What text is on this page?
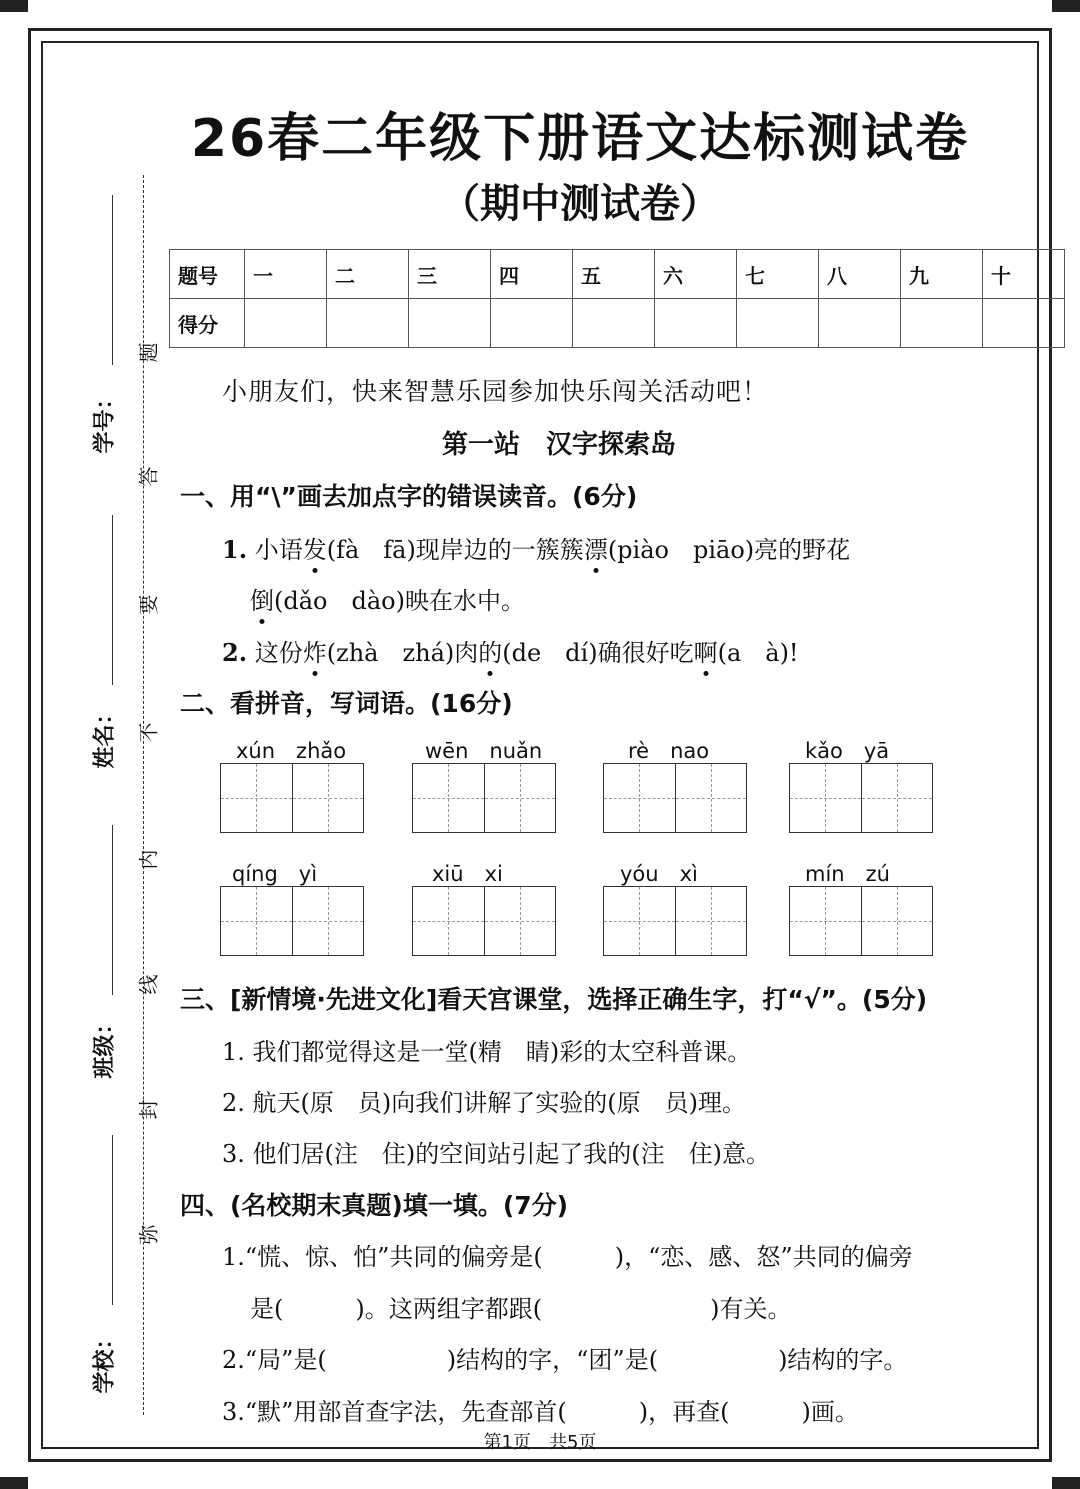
学号：
姓名：
班级：
学校：
题
答
要
不
内
线
封
弥
26春二年级下册语文达标测试卷
（期中测试卷）
题号	一	二	三	四	五	六	七	八	九	十
得分										
小朋友们，快来智慧乐园参加快乐闯关活动吧！
第一站　汉字探索岛
一、用“\”画去加点字的错误读音。(6分)
1. 小语发(fà　fā)现岸边的一簇簇漂(piào　piāo)亮的野花
倒(dǎo　dào)映在水中。
2. 这份炸(zhà　zhá)肉的(de　dí)确很好吃啊(a　à)!
二、看拼音，写词语。(16分)
xún　zhǎo	wēn　nuǎn	rè　nao	kǎo　yā
qíng　yì	xiū　xi	yóu　xì	mín　zú
三、[新情境·先进文化]看天宫课堂，选择正确生字，打“√”。(5分)
1. 我们都觉得这是一堂(精　睛)彩的太空科普课。
2. 航天(原　员)向我们讲解了实验的(原　员)理。
3. 他们居(注　住)的空间站引起了我的(注　住)意。
四、(名校期末真题)填一填。(7分)
1.“慌、惊、怕”共同的偏旁是(　　　)，“恋、感、怒”共同的偏旁
是(　　　)。这两组字都跟(　　　　　　　)有关。
2.“局”是(　　　　　)结构的字，“团”是(　　　　　)结构的字。
3.“默”用部首查字法，先查部首(　　　)，再查(　　　)画。
第1页　共5页
